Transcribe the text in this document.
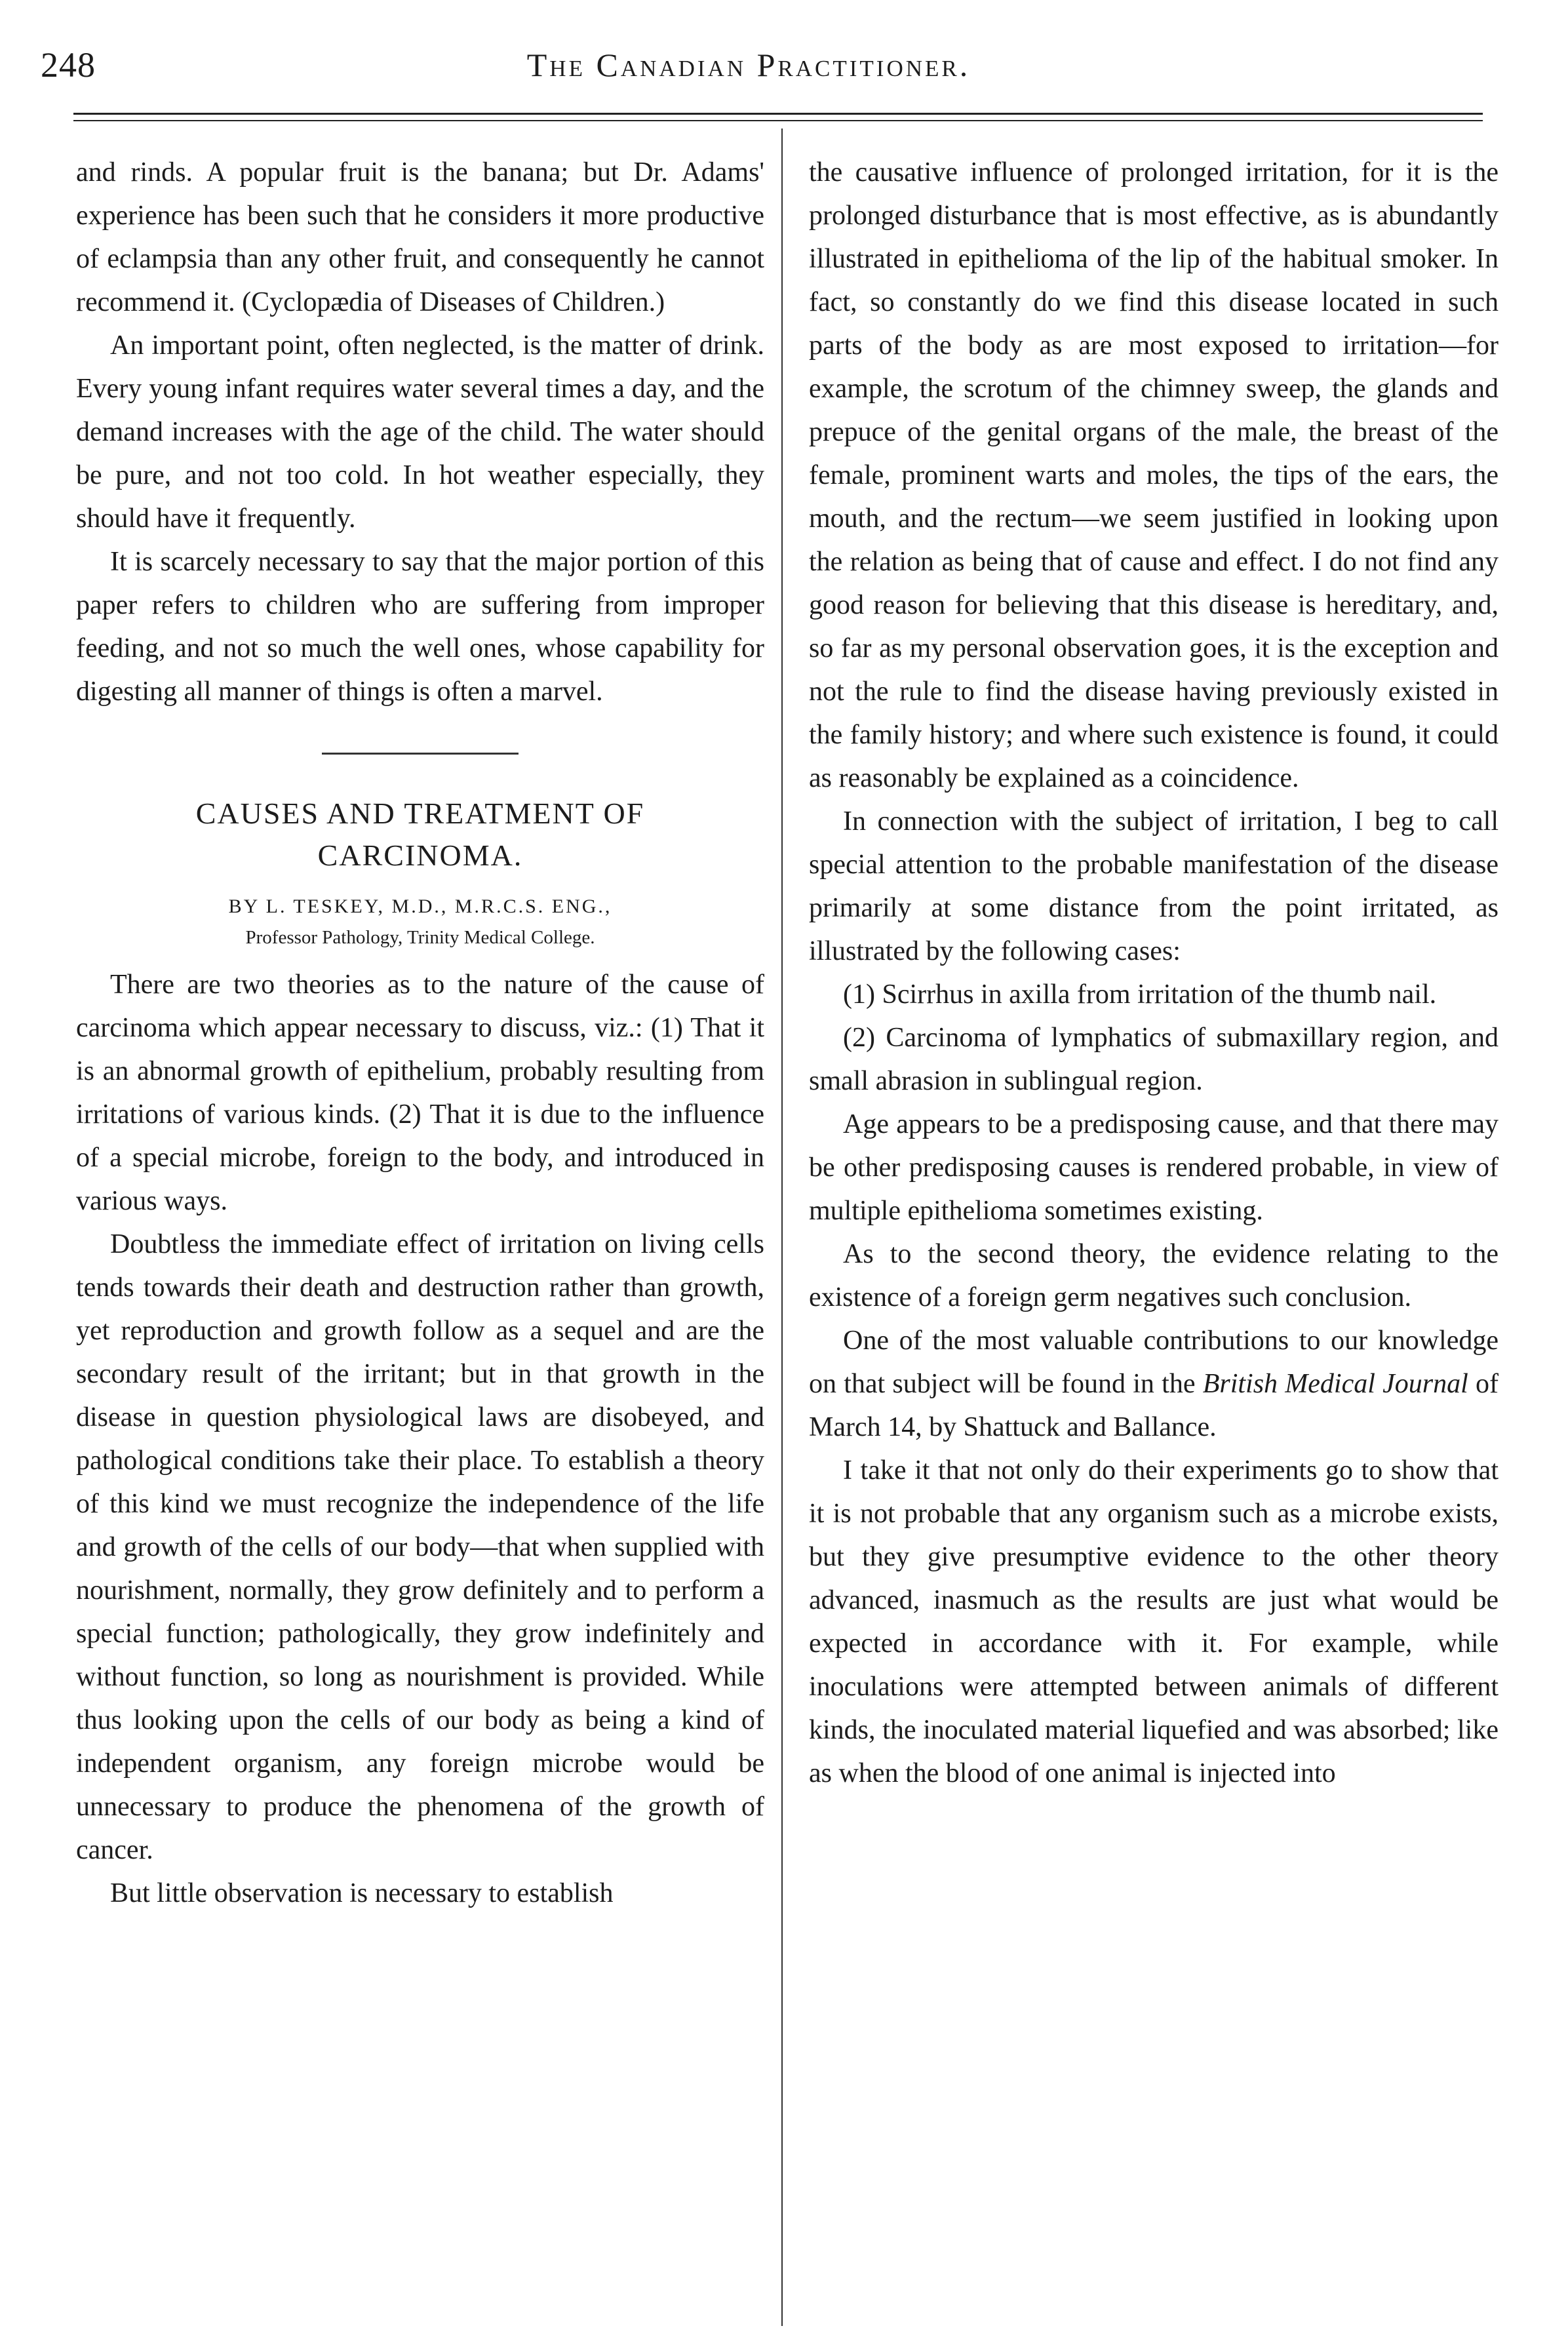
248	The Canadian Practitioner.

and rinds. A popular fruit is the banana; but Dr. Adams' experience has been such that he considers it more productive of eclampsia than any other fruit, and consequently he cannot recommend it. (Cyclopædia of Diseases of Children.)

An important point, often neglected, is the matter of drink. Every young infant requires water several times a day, and the demand increases with the age of the child. The water should be pure, and not too cold. In hot weather especially, they should have it frequently.

It is scarcely necessary to say that the major portion of this paper refers to children who are suffering from improper feeding, and not so much the well ones, whose capability for digesting all manner of things is often a marvel.

CAUSES AND TREATMENT OF CARCINOMA.
BY L. TESKEY, M.D., M.R.C.S. ENG.,
Professor Pathology, Trinity Medical College.

There are two theories as to the nature of the cause of carcinoma which appear necessary to discuss, viz.: (1) That it is an abnormal growth of epithelium, probably resulting from irritations of various kinds. (2) That it is due to the influence of a special microbe, foreign to the body, and introduced in various ways.

Doubtless the immediate effect of irritation on living cells tends towards their death and destruction rather than growth, yet reproduction and growth follow as a sequel and are the secondary result of the irritant; but in that growth in the disease in question physiological laws are disobeyed, and pathological conditions take their place. To establish a theory of this kind we must recognize the independence of the life and growth of the cells of our body—that when supplied with nourishment, normally, they grow definitely and to perform a special function; pathologically, they grow indefinitely and without function, so long as nourishment is provided. While thus looking upon the cells of our body as being a kind of independent organism, any foreign microbe would be unnecessary to produce the phenomena of the growth of cancer.

But little observation is necessary to establish

the causative influence of prolonged irritation, for it is the prolonged disturbance that is most effective, as is abundantly illustrated in epithelioma of the lip of the habitual smoker. In fact, so constantly do we find this disease located in such parts of the body as are most exposed to irritation—for example, the scrotum of the chimney sweep, the glands and prepuce of the genital organs of the male, the breast of the female, prominent warts and moles, the tips of the ears, the mouth, and the rectum—we seem justified in looking upon the relation as being that of cause and effect. I do not find any good reason for believing that this disease is hereditary, and, so far as my personal observation goes, it is the exception and not the rule to find the disease having previously existed in the family history; and where such existence is found, it could as reasonably be explained as a coincidence.

In connection with the subject of irritation, I beg to call special attention to the probable manifestation of the disease primarily at some distance from the point irritated, as illustrated by the following cases:

(1) Scirrhus in axilla from irritation of the thumb nail.

(2) Carcinoma of lymphatics of submaxillary region, and small abrasion in sublingual region.

Age appears to be a predisposing cause, and that there may be other predisposing causes is rendered probable, in view of multiple epithelioma sometimes existing.

As to the second theory, the evidence relating to the existence of a foreign germ negatives such conclusion.

One of the most valuable contributions to our knowledge on that subject will be found in the British Medical Journal of March 14, by Shattuck and Ballance.

I take it that not only do their experiments go to show that it is not probable that any organism such as a microbe exists, but they give presumptive evidence to the other theory advanced, inasmuch as the results are just what would be expected in accordance with it. For example, while inoculations were attempted between animals of different kinds, the inoculated material liquefied and was absorbed; like as when the blood of one animal is injected into
